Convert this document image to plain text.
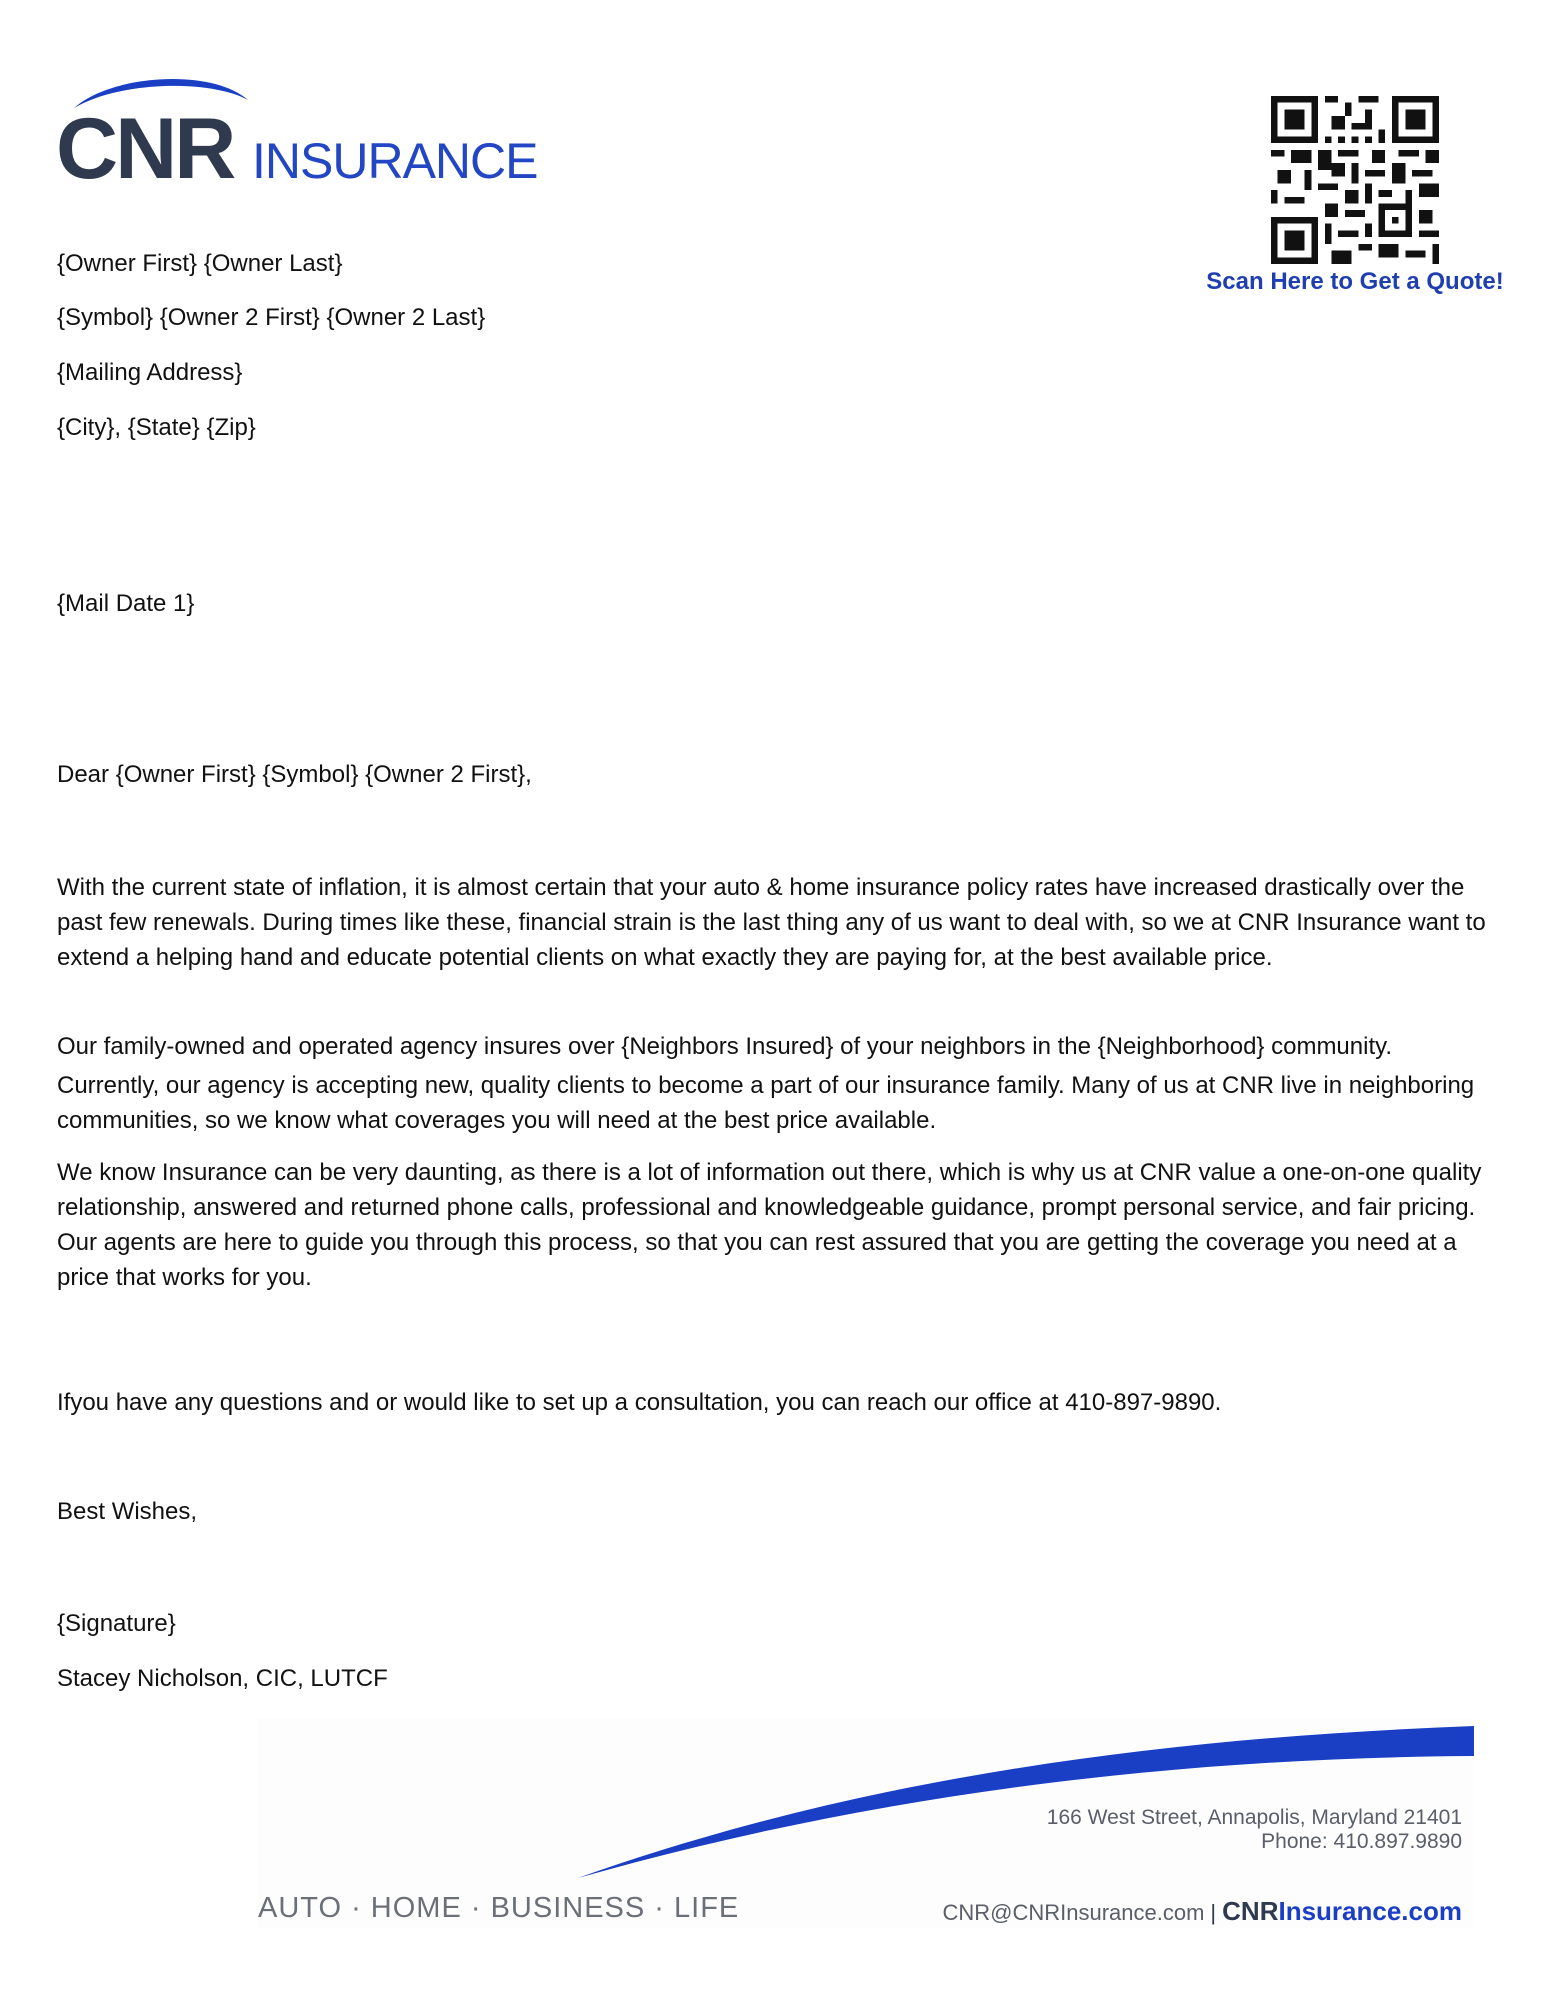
CNR INSURANCE
Scan Here to Get a Quote!
{Owner First} {Owner Last}
{Symbol} {Owner 2 First} {Owner 2 Last}
{Mailing Address}
{City}, {State} {Zip}
{Mail Date 1}
Dear {Owner First} {Symbol} {Owner 2 First},
With the current state of inflation, it is almost certain that your auto & home insurance policy rates have increased drastically over the past few renewals. During times like these, financial strain is the last thing any of us want to deal with, so we at CNR Insurance want to extend a helping hand and educate potential clients on what exactly they are paying for, at the best available price.
Our family-owned and operated agency insures over {Neighbors Insured} of your neighbors in the {Neighborhood} community.
Currently, our agency is accepting new, quality clients to become a part of our insurance family. Many of us at CNR live in neighboring communities, so we know what coverages you will need at the best price available.
We know Insurance can be very daunting, as there is a lot of information out there, which is why us at CNR value a one-on-one quality relationship, answered and returned phone calls, professional and knowledgeable guidance, prompt personal service, and fair pricing. Our agents are here to guide you through this process, so that you can rest assured that you are getting the coverage you need at a price that works for you.
Ifyou have any questions and or would like to set up a consultation, you can reach our office at 410-897-9890.
Best Wishes,
{Signature}
Stacey Nicholson, CIC, LUTCF
166 West Street, Annapolis, Maryland 21401
Phone: 410.897.9890
AUTO · HOME · BUSINESS · LIFE	CNR@CNRInsurance.com | CNRInsurance.com
